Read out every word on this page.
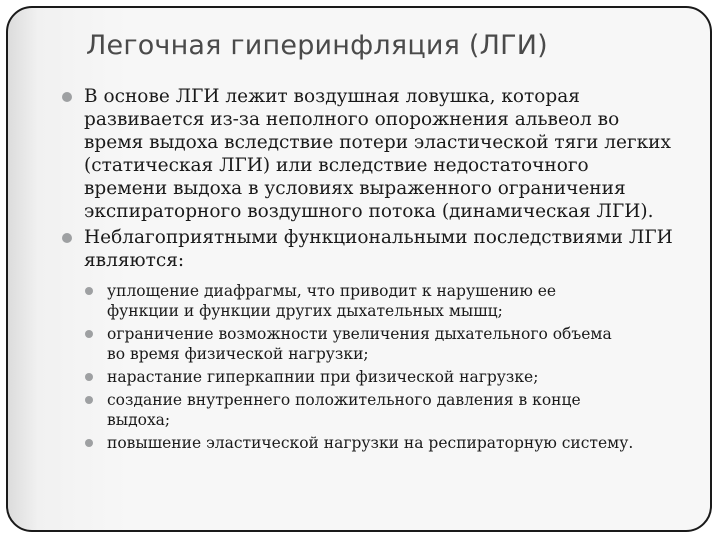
Легочная гиперинфляция (ЛГИ)

В основе ЛГИ лежит воздушная ловушка, которая
развивается из-за неполного опорожнения альвеол во
время выдоха вследствие потери эластической тяги легких
(статическая ЛГИ) или вследствие недостаточного
времени выдоха в условиях выраженного ограничения
экспираторного воздушного потока (динамическая ЛГИ).

Неблагоприятными функциональными последствиями ЛГИ
являются:

уплощение диафрагмы, что приводит к нарушению ее
функции и функции других дыхательных мышц;

ограничение возможности увеличения дыхательного объема
во время физической нагрузки;

нарастание гиперкапнии при физической нагрузке;

создание внутреннего положительного давления в конце
выдоха;

повышение эластической нагрузки на респираторную систему.
